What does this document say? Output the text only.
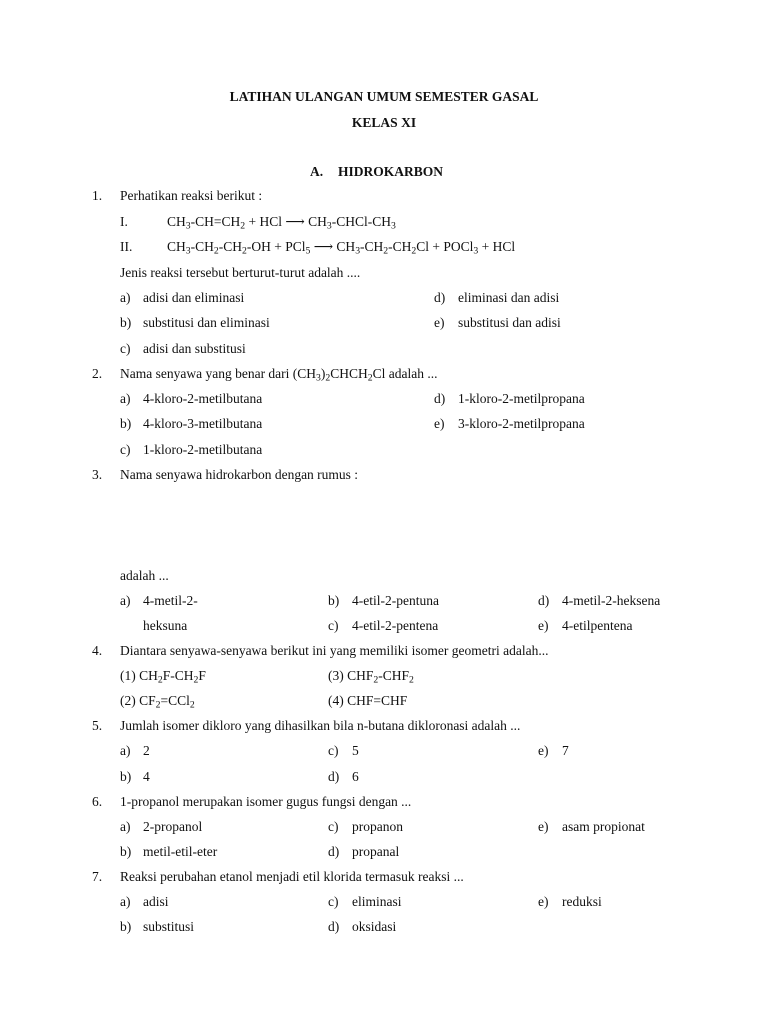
LATIHAN ULANGAN UMUM SEMESTER GASAL
KELAS XI
A. HIDROKARBON
1. Perhatikan reaksi berikut :
I.	$CH_3-CH=CH_2$ + HCl ⟶ $CH_3-CHCl-CH_3$
II.	$CH_3-CH_2-CH_2-OH + PCl_5$ ⟶ $CH_3-CH_2-CH_2Cl$ + POCl$_3$ + HCl
Jenis reaksi tersebut berturut-turut adalah ....
a) adisi dan eliminasi	d) eliminasi dan adisi
b) substitusi dan eliminasi	e) substitusi dan adisi
c) adisi dan substitusi
2. Nama senyawa yang benar dari $(CH_3)_2CHCH_2Cl$ adalah ...
a) 4-kloro-2-metilbutana	d) 1-kloro-2-metilpropana
b) 4-kloro-3-metilbutana	e) 3-kloro-2-metilpropana
c) 1-kloro-2-metilbutana
3. Nama senyawa hidrokarbon dengan rumus :
adalah ...
a) 4-metil-2-	b) 4-etil-2-pentuna	d) 4-metil-2-heksena
heksuna	c) 4-etil-2-pentena	e) 4-etilpentena
4. Diantara senyawa-senyawa berikut ini yang memiliki isomer geometri adalah...
(1) $CH_2F-CH_2F$	(3) $CHF_2-CHF_2$
(2) $CF_2=CCl_2$	(4) CHF=CHF
5. Jumlah isomer dikloro yang dihasilkan bila n-butana dikloronasi adalah ...
a) 2	c) 5	e) 7
b) 4	d) 6
6. 1-propanol merupakan isomer gugus fungsi dengan ...
a) 2-propanol	c) propanon	e) asam propionat
b) metil-etil-eter	d) propanal
7. Reaksi perubahan etanol menjadi etil klorida termasuk reaksi ...
a) adisi	c) eliminasi	e) reduksi
b) substitusi	d) oksidasi
